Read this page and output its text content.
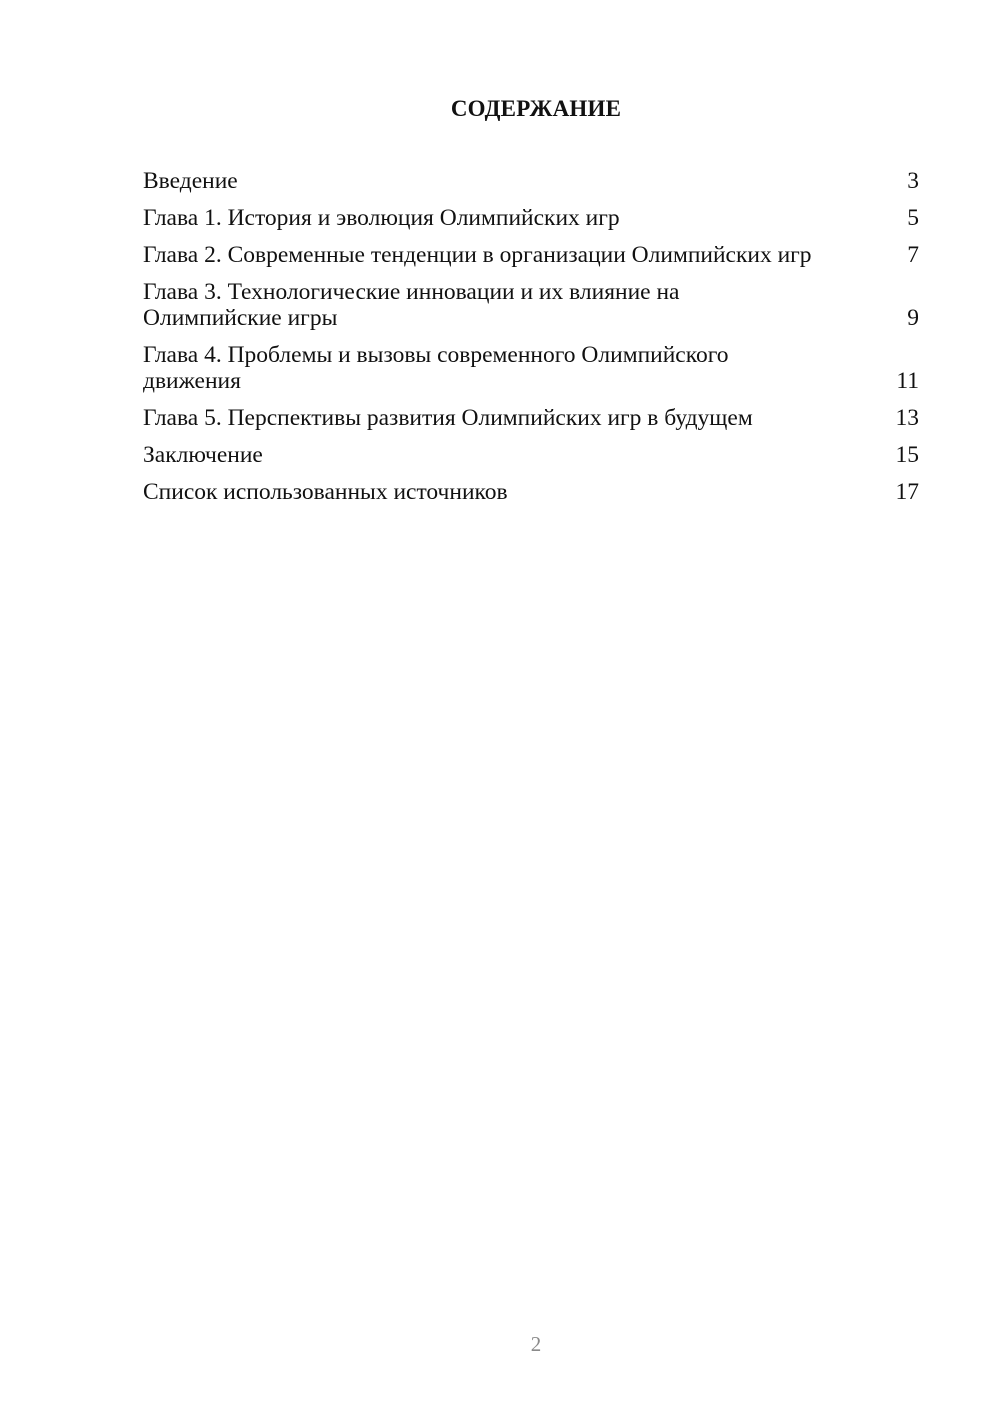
СОДЕРЖАНИЕ
Введение	3
Глава 1. История и эволюция Олимпийских игр	5
Глава 2. Современные тенденции в организации Олимпийских игр	7
Глава 3. Технологические инновации и их влияние на Олимпийские игры	9
Глава 4. Проблемы и вызовы современного Олимпийского движения	11
Глава 5. Перспективы развития Олимпийских игр в будущем	13
Заключение	15
Список использованных источников	17
2
